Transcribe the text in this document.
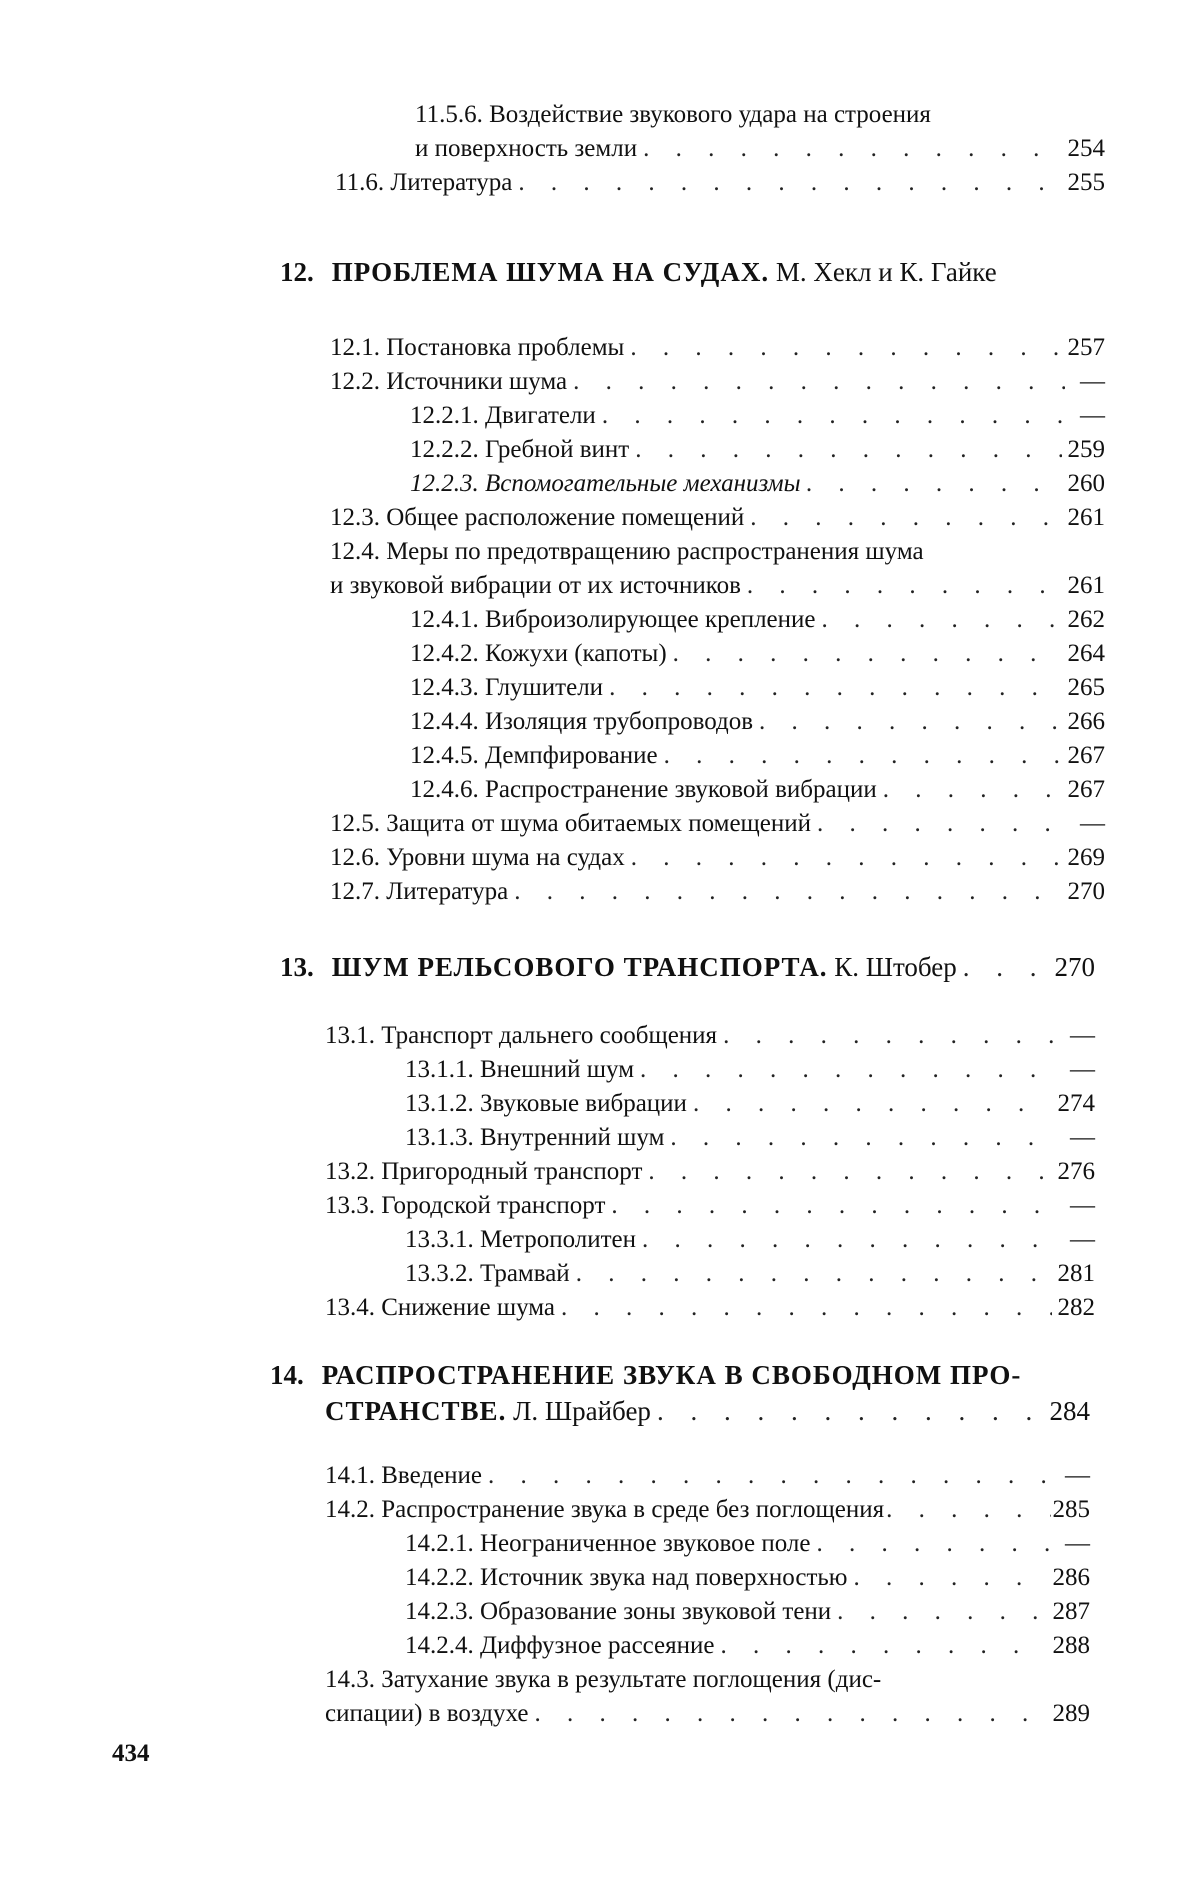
11.5.6. Воздействие звукового удара на строения
и поверхность земли . . .	254
11.6. Литература . . .	255
12. ПРОБЛЕМА ШУМА НА СУДАХ. М. Хекл и К. Гайке
12.1. Постановка проблемы . . .	257
12.2. Источники шума . . .	—
12.2.1. Двигатели . . .	—
12.2.2. Гребной винт . . .	259
12.2.3. Вспомогательные механизмы . . .	260
12.3. Общее расположение помещений . . .	261
12.4. Меры по предотвращению распространения шума
и звуковой вибрации от их источников . . .	261
12.4.1. Виброизолирующее крепление . . .	262
12.4.2. Кожухи (капоты) . . .	264
12.4.3. Глушители . . .	265
12.4.4. Изоляция трубопроводов . . .	266
12.4.5. Демпфирование . . .	267
12.4.6. Распространение звуковой вибрации . . .	267
12.5. Защита от шума обитаемых помещений . . .	—
12.6. Уровни шума на судах . . .	269
12.7. Литература . . .	270
13. ШУМ РЕЛЬСОВОГО ТРАНСПОРТА. К. Штобер . . .	270
13.1. Транспорт дальнего сообщения . . .	—
13.1.1. Внешний шум . . .	—
13.1.2. Звуковые вибрации . . .	274
13.1.3. Внутренний шум . . .	—
13.2. Пригородный транспорт . . .	276
13.3. Городской транспорт . . .	—
13.3.1. Метрополитен . . .	—
13.3.2. Трамвай . . .	281
13.4. Снижение шума . . .	282
14. РАСПРОСТРАНЕНИЕ ЗВУКА В СВОБОДНОМ ПРО-
СТРАНСТВЕ. Л. Шрайбер . . .	284
14.1. Введение . . .	—
14.2. Распространение звука в среде без поглощения . . .	285
14.2.1. Неограниченное звуковое поле . . .	—
14.2.2. Источник звука над поверхностью . . .	286
14.2.3. Образование зоны звуковой тени . . .	287
14.2.4. Диффузное рассеяние . . .	288
14.3. Затухание звука в результате поглощения (дис-
сипации) в воздухе . . .	289
434
